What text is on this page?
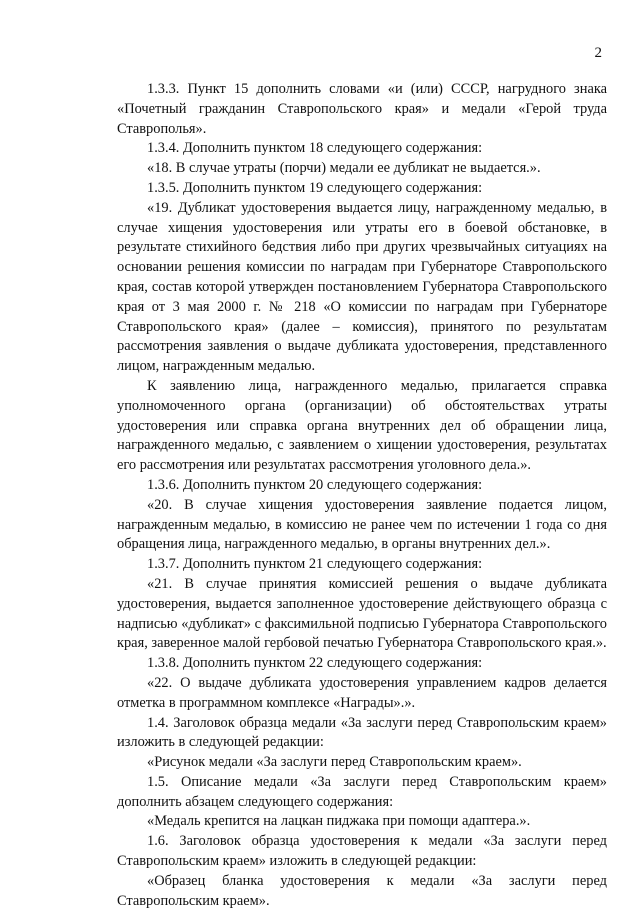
2

1.3.3. Пункт 15 дополнить словами «и (или) СССР, нагрудного знака «Почетный гражданин Ставропольского края» и медали «Герой труда Ставрополья».

1.3.4. Дополнить пунктом 18 следующего содержания:

«18. В случае утраты (порчи) медали ее дубликат не выдается.».

1.3.5. Дополнить пунктом 19 следующего содержания:

«19. Дубликат удостоверения выдается лицу, награжденному медалью, в случае хищения удостоверения или утраты его в боевой обстановке, в результате стихийного бедствия либо при других чрезвычайных ситуациях на основании решения комиссии по наградам при Губернаторе Ставропольского края, состав которой утвержден постановлением Губернатора Ставропольского края от 3 мая 2000 г. № 218 «О комиссии по наградам при Губернаторе Ставропольского края» (далее – комиссия), принятого по результатам рассмотрения заявления о выдаче дубликата удостоверения, представленного лицом, награжденным медалью.

К заявлению лица, награжденного медалью, прилагается справка уполномоченного органа (организации) об обстоятельствах утраты удостоверения или справка органа внутренних дел об обращении лица, награжденного медалью, с заявлением о хищении удостоверения, результатах его рассмотрения или результатах рассмотрения уголовного дела.».

1.3.6. Дополнить пунктом 20 следующего содержания:

«20. В случае хищения удостоверения заявление подается лицом, награжденным медалью, в комиссию не ранее чем по истечении 1 года со дня обращения лица, награжденного медалью, в органы внутренних дел.».

1.3.7. Дополнить пунктом 21 следующего содержания:

«21. В случае принятия комиссией решения о выдаче дубликата удостоверения, выдается заполненное удостоверение действующего образца с надписью «дубликат» с факсимильной подписью Губернатора Ставропольского края, заверенное малой гербовой печатью Губернатора Ставропольского края.».

1.3.8. Дополнить пунктом 22 следующего содержания:

«22. О выдаче дубликата удостоверения управлением кадров делается отметка в программном комплексе «Награды».».

1.4. Заголовок образца медали «За заслуги перед Ставропольским краем» изложить в следующей редакции:

«Рисунок медали «За заслуги перед Ставропольским краем».

1.5. Описание медали «За заслуги перед Ставропольским краем» дополнить абзацем следующего содержания:

«Медаль крепится на лацкан пиджака при помощи адаптера.».

1.6. Заголовок образца удостоверения к медали «За заслуги перед Ставропольским краем» изложить в следующей редакции:

«Образец бланка удостоверения к медали «За заслуги перед Ставропольским краем».
